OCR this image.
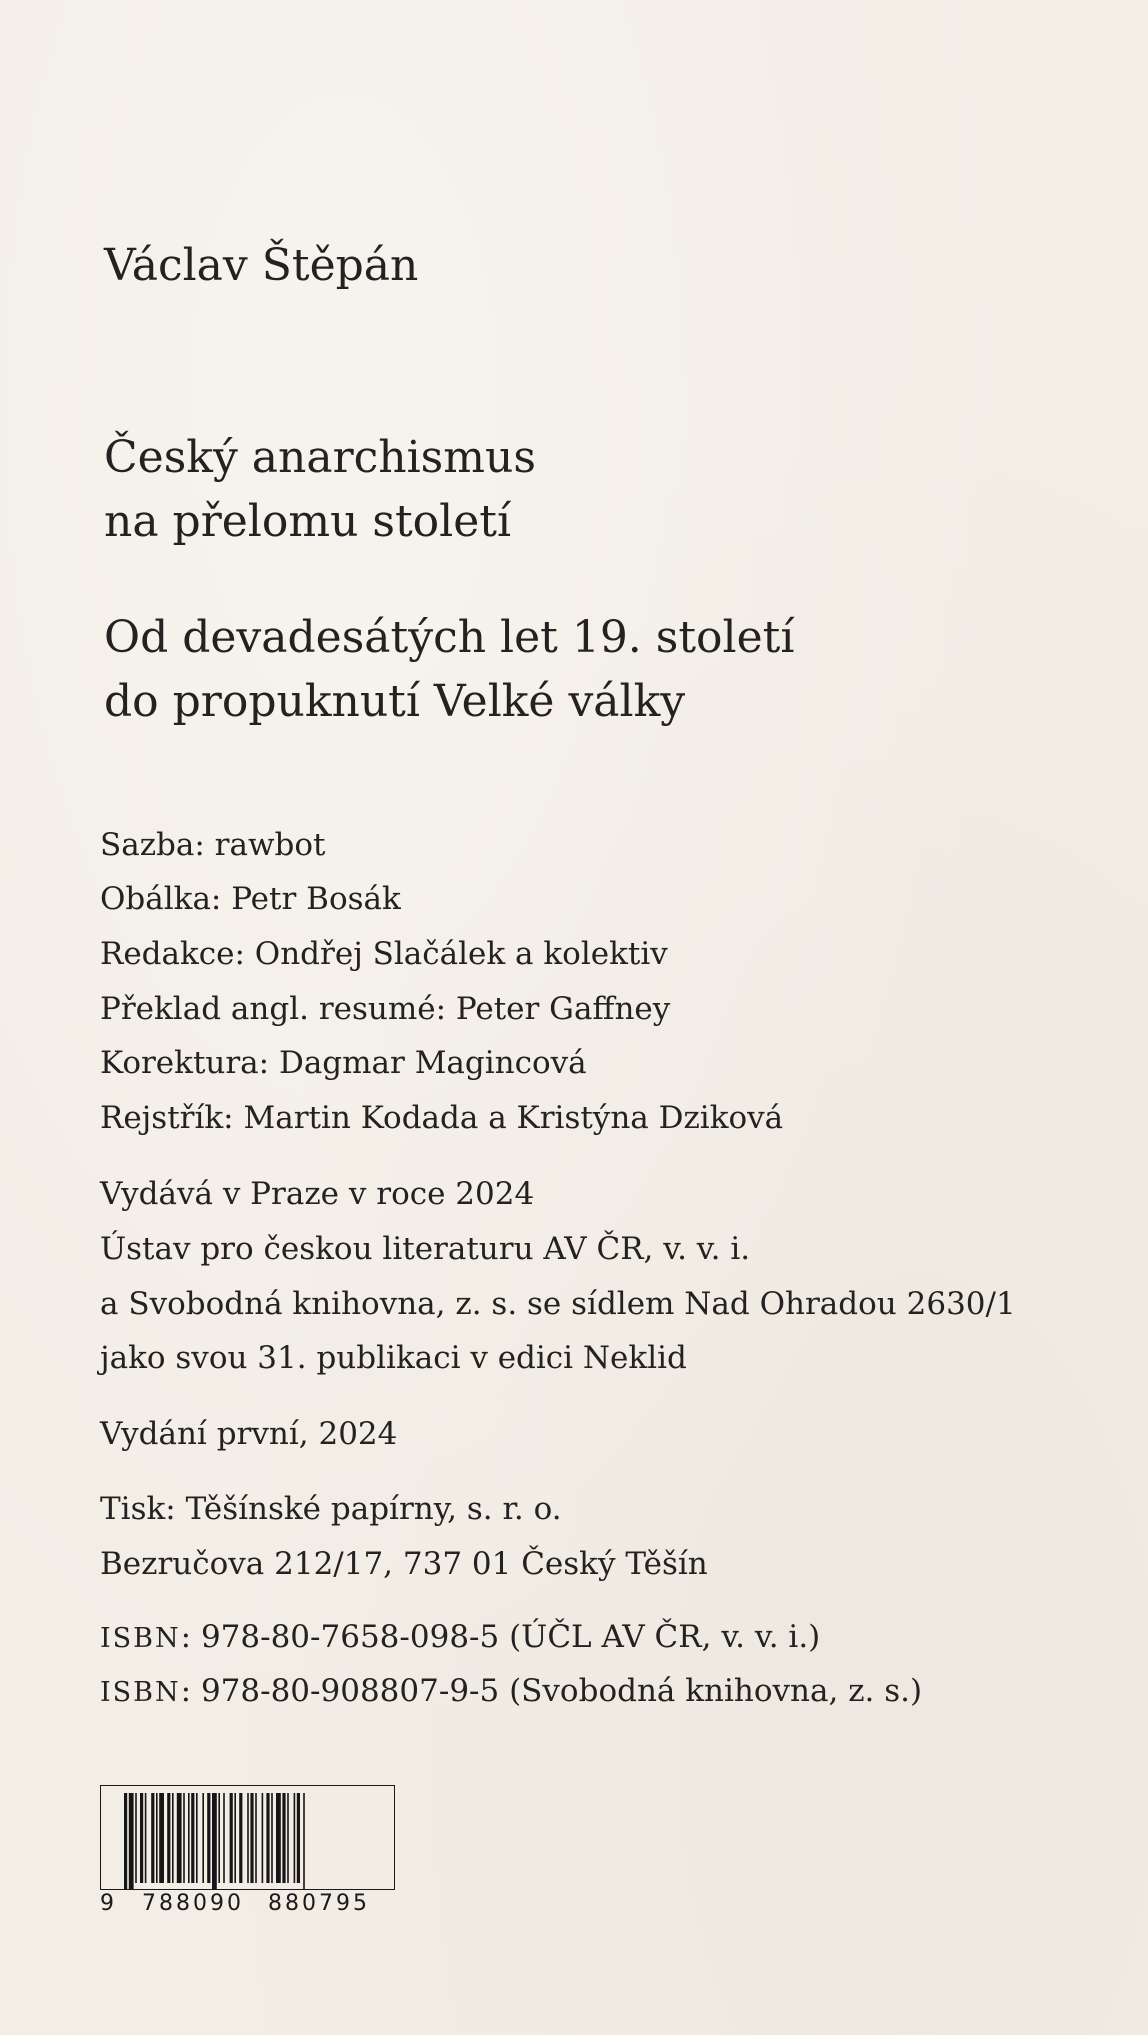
Václav Štěpán

Český anarchismus

na přelomu století

Od devadesátých let 19. století

do propuknutí Velké války

Sazba: rawbot

Obálka: Petr Bosák

Redakce: Ondřej Slačálek a kolektiv

Překlad angl. resumé: Peter Gaffney

Korektura: Dagmar Magincová

Rejstřík: Martin Kodada a Kristýna Dziková

Vydává v Praze v roce 2024

Ústav pro českou literaturu AV ČR, v. v. i.

a Svobodná knihovna, z. s. se sídlem Nad Ohradou 2630/1

jako svou 31. publikaci v edici Neklid

Vydání první, 2024

Tisk: Těšínské papírny, s. r. o.

Bezručova 212/17, 737 01 Český Těšín

ISBN: 978-80-7658-098-5 (ÚČL AV ČR, v. v. i.)

ISBN: 978-80-908807-9-5 (Svobodná knihovna, z. s.)

9 788090 880795
